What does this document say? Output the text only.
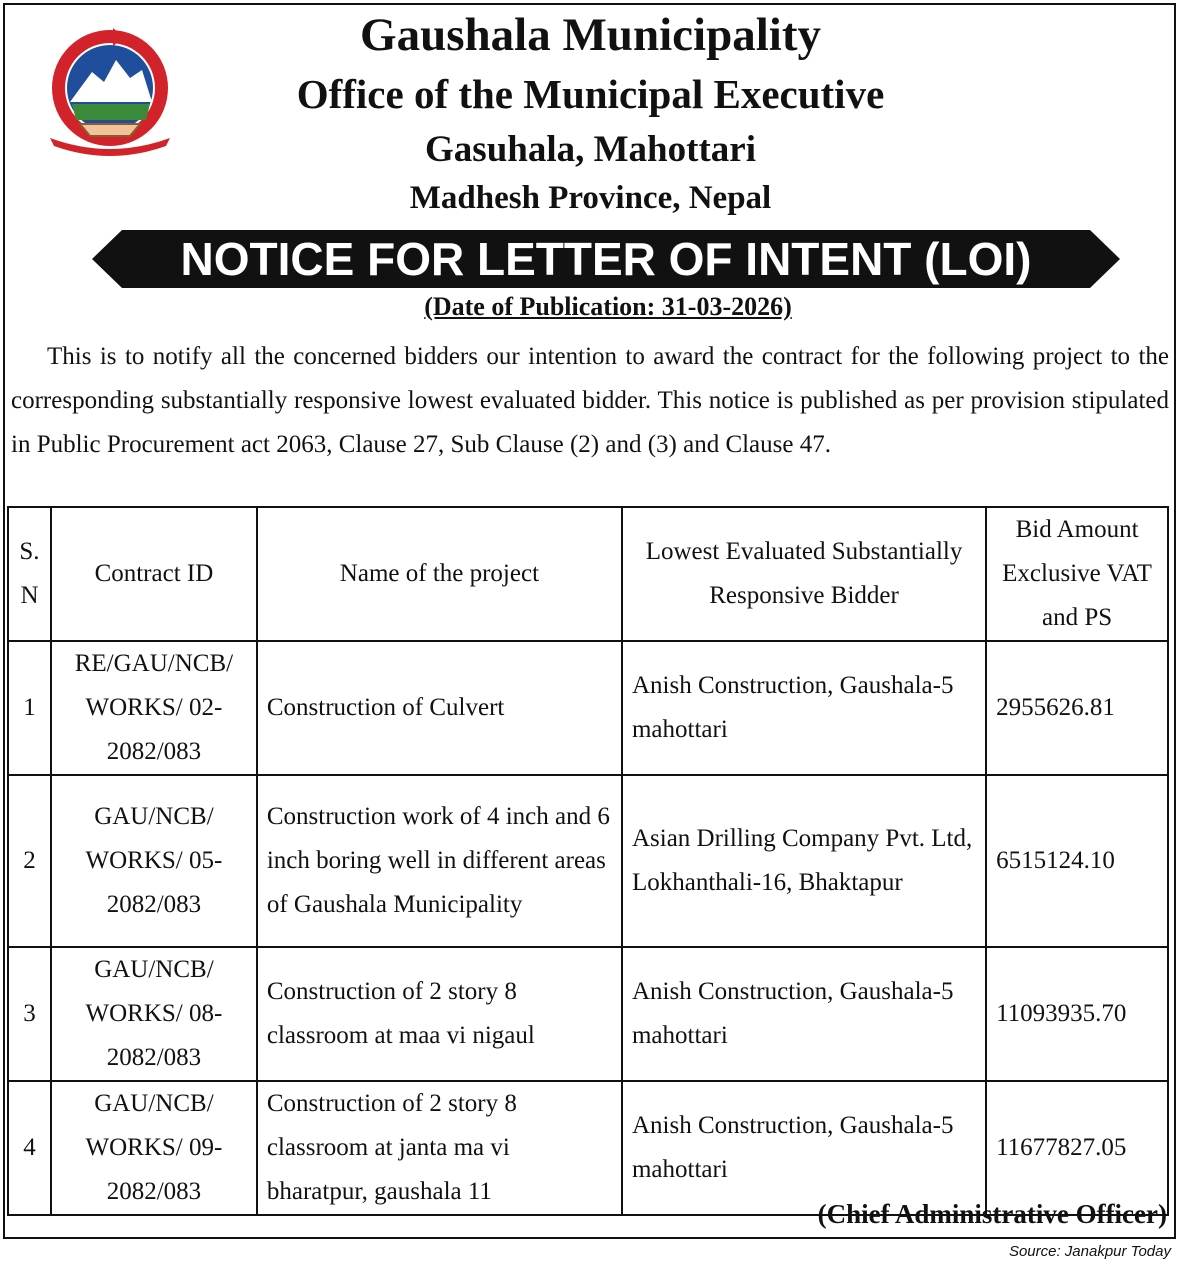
Gaushala Municipality
Office of the Municipal Executive
Gasuhala, Mahottari
Madhesh Province, Nepal
NOTICE FOR LETTER OF INTENT (LOI)
(Date of Publication: 31-03-2026)
This is to notify all the concerned bidders our intention to award the contract for the following project to the corresponding substantially responsive lowest evaluated bidder. This notice is published as per provision stipulated in Public Procurement act 2063, Clause 27, Sub Clause (2) and (3) and Clause 47.
S. N	Contract ID	Name of the project	Lowest Evaluated Substantially Responsive Bidder	Bid Amount Exclusive VAT and PS
1	RE/GAU/NCB/ WORKS/ 02-2082/083	Construction of Culvert	Anish Construction, Gaushala-5 mahottari	2955626.81
2	GAU/NCB/ WORKS/ 05-2082/083	Construction work of 4 inch and 6 inch boring well in different areas of Gaushala Municipality	Asian Drilling Company Pvt. Ltd, Lokhanthali-16, Bhaktapur	6515124.10
3	GAU/NCB/ WORKS/ 08-2082/083	Construction of 2 story 8 classroom at maa vi nigaul	Anish Construction, Gaushala-5 mahottari	11093935.70
4	GAU/NCB/ WORKS/ 09-2082/083	Construction of 2 story 8 classroom at janta ma vi bharatpur, gaushala 11	Anish Construction, Gaushala-5 mahottari	11677827.05
(Chief Administrative Officer)
Source: Janakpur Today
